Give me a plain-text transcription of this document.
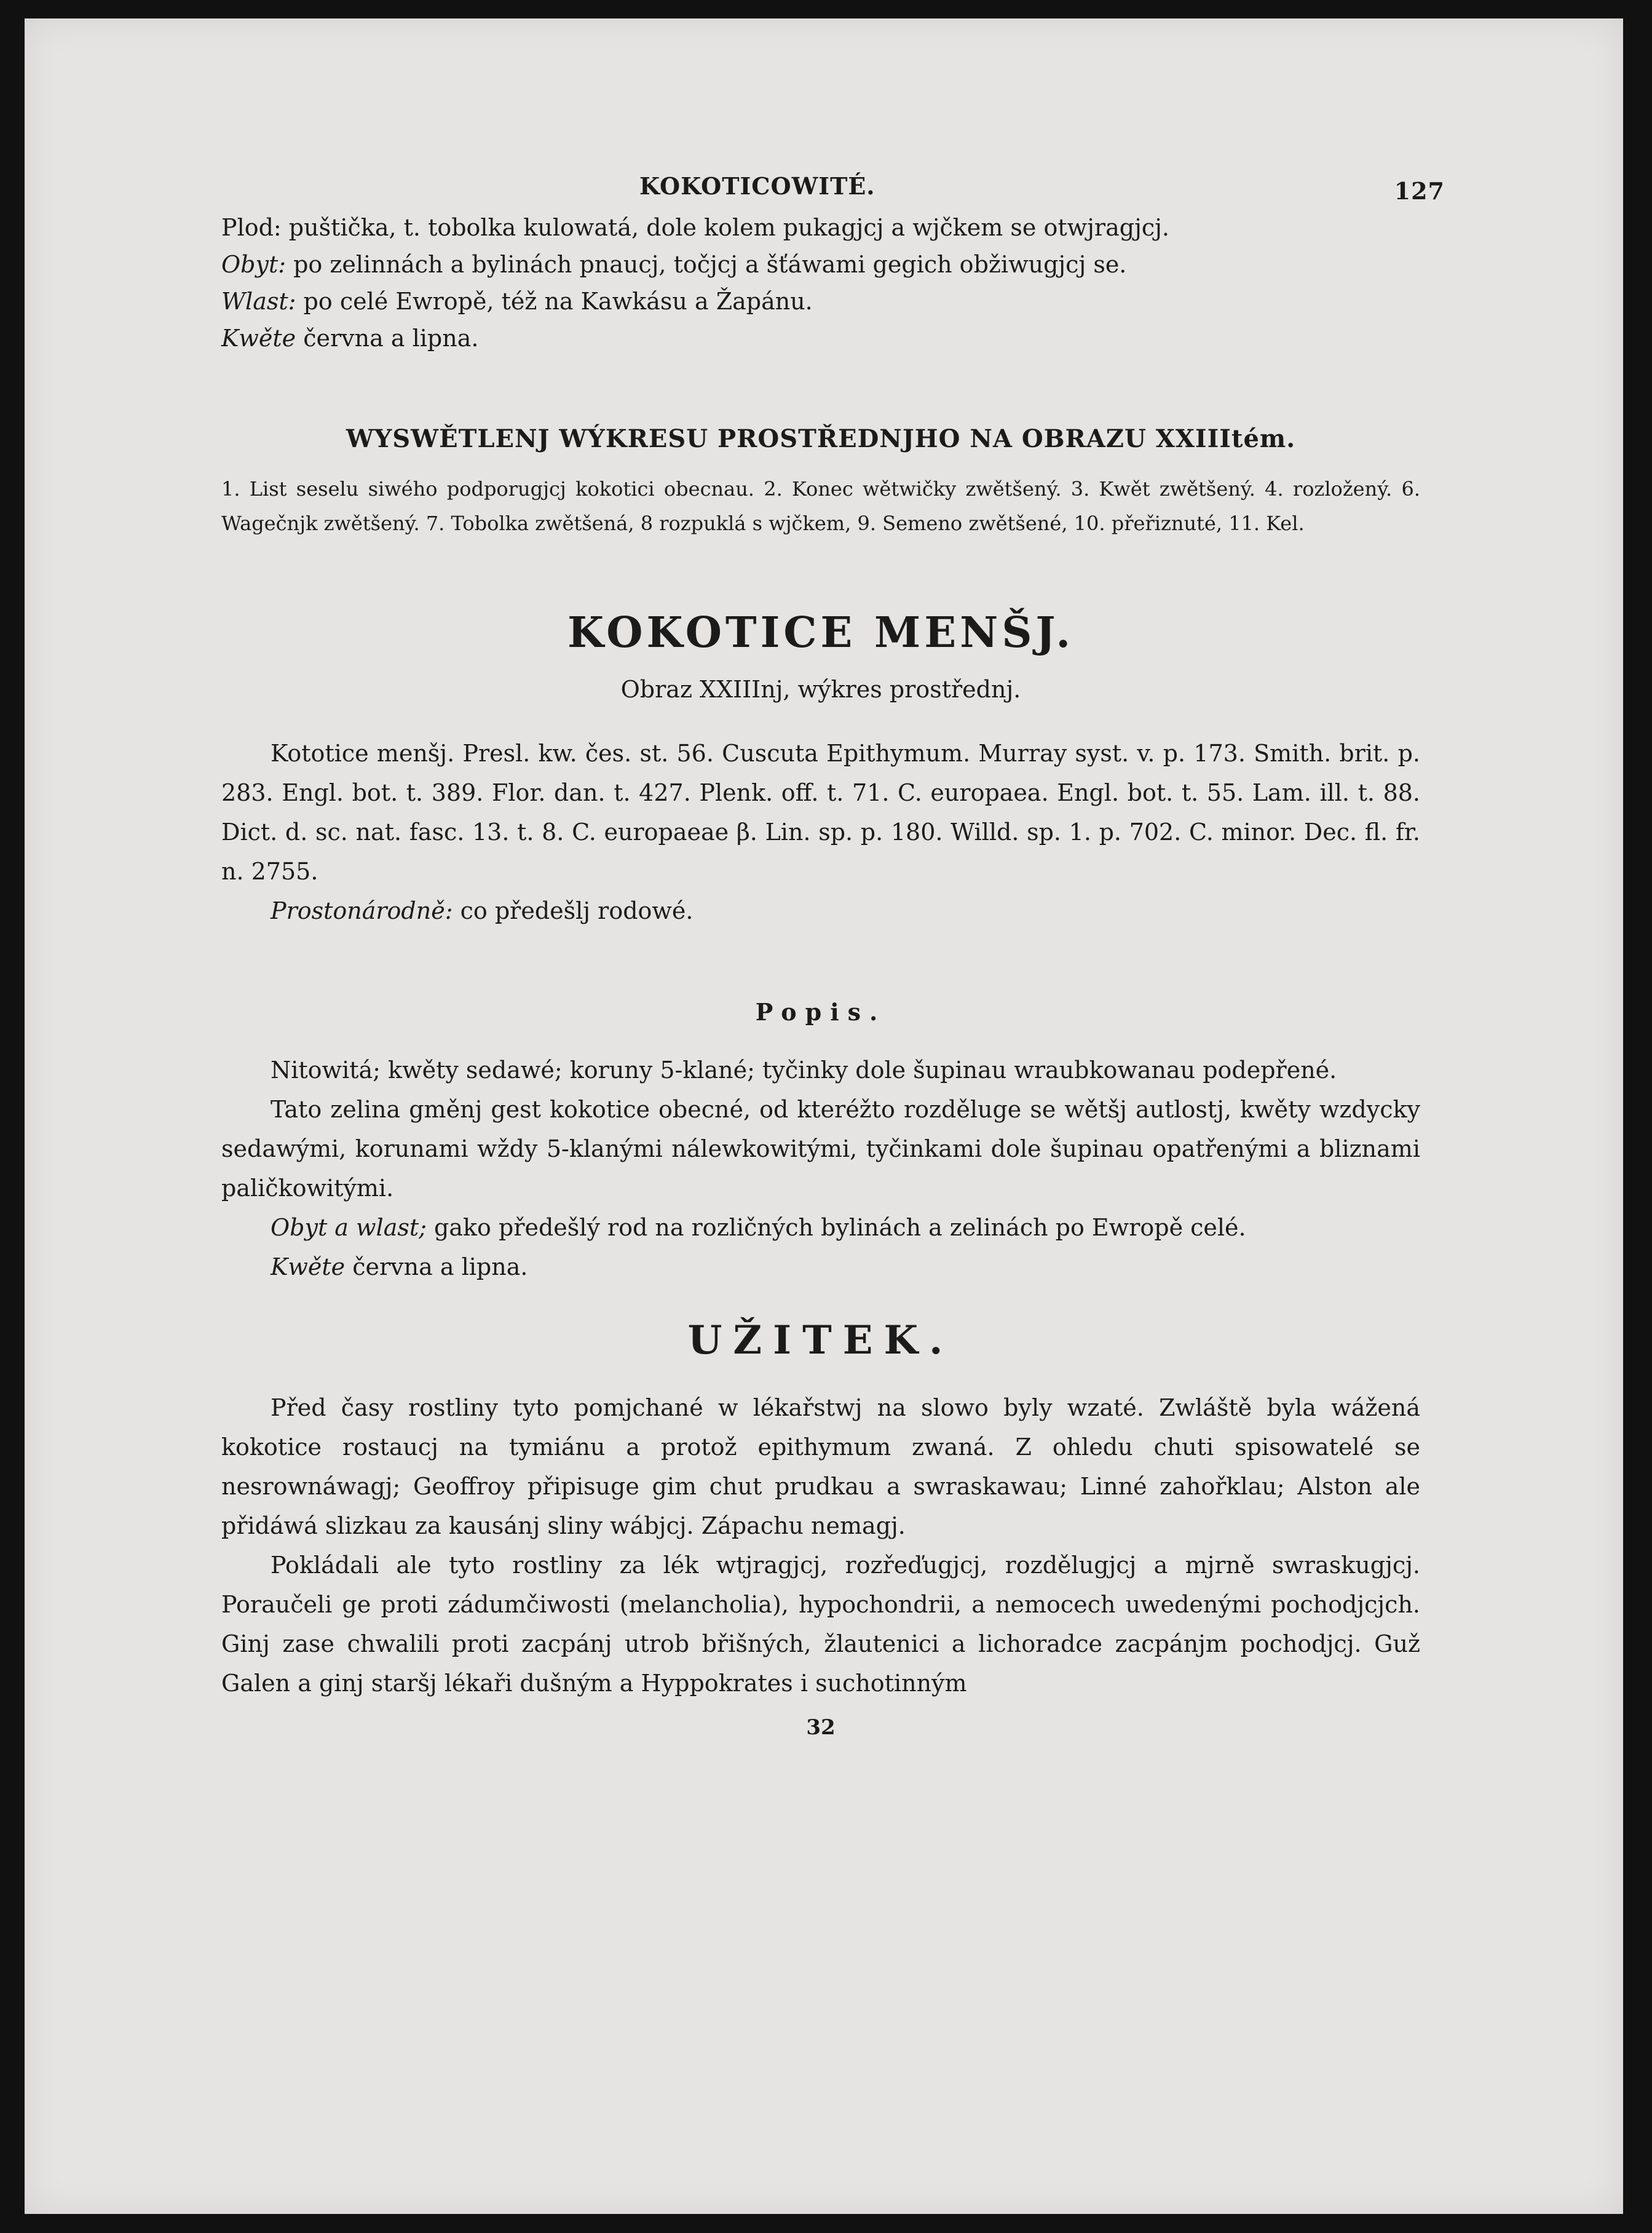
KOKOTICOWITÉ.	127

Plod: puštička, t. tobolka kulowatá, dole kolem pukagjcj a wjčkem se otwjragjcj.

Obyt: po zelinnách a bylinách pnaucj, točjcj a šťáwami gegich obžiwugjcj se.

Wlast: po celé Ewropě, též na Kawkásu a Žapánu.

Kwěte června a lipna.

WYSWĚTLENJ WÝKRESU PROSTŘEDNJHO NA OBRAZU XXIIItém.

1. List seselu siwého podporugjcj kokotici obecnau. 2. Konec wětwičky zwětšený. 3. Kwět zwětšený. 4. rozložený. 6. Wagečnjk zwětšený. 7. Tobolka zwětšená, 8 rozpuklá s wjčkem, 9. Semeno zwětšené, 10. přeřiznuté, 11. Kel.

KOKOTICE MENŠJ.
Obraz XXIIInj, wýkres prostřednj.

Kototice menšj. Presl. kw. čes. st. 56. Cuscuta Epithymum. Murray syst. v. p. 173. Smith. brit. p. 283. Engl. bot. t. 389. Flor. dan. t. 427. Plenk. off. t. 71. C. europaea. Engl. bot. t. 55. Lam. ill. t. 88. Dict. d. sc. nat. fasc. 13. t. 8. C. europaeae β. Lin. sp. p. 180. Willd. sp. 1. p. 702. C. minor. Dec. fl. fr. n. 2755.

Prostonárodně: co předešlj rodowé.

Popis.

Nitowitá; kwěty sedawé; koruny 5-klané; tyčinky dole šupinau wraubkowanau podepřené.

Tato zelina gměnj gest kokotice obecné, od kteréžto rozděluge se wětšj autlostj, kwěty wzdycky sedawými, korunami wždy 5-klanými nálewkowitými, tyčinkami dole šupinau opatřenými a bliznami paličkowitými.

Obyt a wlast; gako předešlý rod na rozličných bylinách a zelinách po Ewropě celé.

Kwěte června a lipna.

UŽITEK.

Před časy rostliny tyto pomjchané w lékařstwj na slowo byly wzaté. Zwláště byla wážená kokotice rostaucj na tymiánu a protož epithymum zwaná. Z ohledu chuti spisowatelé se nesrownáwagj; Geoffroy připisuge gim chut prudkau a swraskawau; Linné zahořklau; Alston ale přidáwá slizkau za kausánj sliny wábjcj. Zápachu nemagj.

Pokládali ale tyto rostliny za lék wtjragjcj, rozřeďugjcj, rozdělugjcj a mjrně swraskugjcj. Poraučeli ge proti zádumčiwosti (melancholia), hypochondrii, a nemocech uwedenými pochodjcjch. Ginj zase chwalili proti zacpánj utrob břišných, žlautenici a lichoradce zacpánjm pochodjcj. Guž Galen a ginj staršj lékaři dušným a Hyppokrates i suchotinným

32
